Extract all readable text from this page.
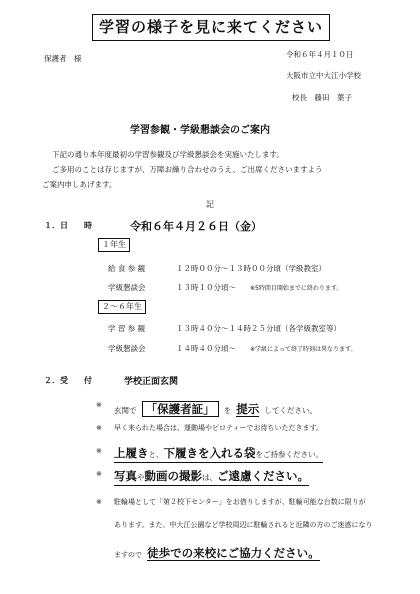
学習の様子を見に来てください
保護者　様	令和６年４月１０日
大阪市立中大江小学校
校長　藤田　葉子
学習参観・学級懇談会のご案内
下記の通り本年度最初の学習参観及び学級懇談会を実施いたします。
ご多用のことは存じますが、万障お繰り合わせのうえ、ご出席くださいますよう
ご案内申しあげます。
記
１．日　　時	令和６年４月２６日（金）
１年生
給 食 参 観	１２時００分～１３時００分頃（学級教室）
学級懇談会	１３時１０分頃～ ※5時間目開始までに終わります。
２～６年生
学 習 参 観	１３時４０分～１４時２５分頃（各学級教室等）
学級懇談会	１４時４０分頃～ ※学級によって終了時刻は異なります。
２．受　　付	学校正面玄関
※
玄関で 「保護者証」 を 提示 してください。
※ 早く来られた場合は、運動場やピロティーでお待ちいただきます。
※ 上履きと、下履きを入れる袋をご持参ください。
※ 写真や動画の撮影は、ご遠慮ください。
※ 駐輪場として「第２校下センター」をお借りしますが、駐輪可能な台数に限りが
あります。また、中大江公園など学校周辺に駐輪されると近隣の方のご迷惑になり
ますので 徒歩での来校にご協力ください。
